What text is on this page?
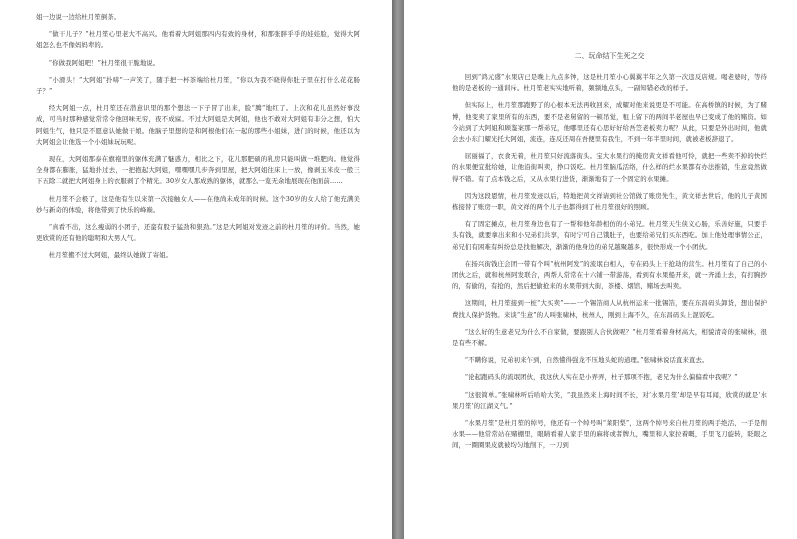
姐一边说一边给杜月笙倒茶。

“做干儿子？”杜月笙心里老大不高兴。他看着大阿姐那四内有致的身材，和那张胖乎乎的娃娃脸，觉得大阿姐怎么也不像妈妈辈的。

“你做我阿姐吧！”杜月笙很干脆地说。

“小滑头！”大阿姐“扑哧”一声笑了，随手把一杯茶端给杜月笙，“你以为我不晓得你肚子里在打什么花花肠子？”

经大阿姐一点，杜月笙还在潜意识里的那个想法一下子冒了出来，脸“腾”地红了。上次和花儿虽然好事没成，可当时那种感觉常常令他回味无穷，夜不成寐。不过大阿姐是大阿姐，他也不敢对大阿姐有非分之想，怕大阿姐生气，他只是不愿意认她做干娘。他脑子里想的是和阿根他们在一起的那些小姐妹，进门的时候，他还以为大阿姐会让他选一个小姐妹玩玩呢。

现在，大阿姐那泰在旗袍里的躯体充满了魅惑力，相比之下，花儿那肥硕的乳房只能叫做一堆肥肉。他觉得全身都在膨胀，猛地扑过去，一把抱起大阿姐，嘿嘿嘿几步奔到里屋，把大阿姐往床上一放，像剥玉米皮一般三下五除二就把大阿姐身上的衣服剥了个精光。30岁女人那成熟的躯体，就那么一览无余地展现在他面前……

杜月笙不会极了，这是他有生以来第一次接触女人——在他尚未成年的时候。这个30岁的女人给了他充满美妙与新奇的体验，将他带到了快乐的峰巅。

“真看不出，这么瘦弱的小团子，还蛮有股子猛劲和狠劲。”这是大阿姐对发迹之前的杜月笙的评价。当然，她更欣赏的还有他的聪明和大男人气。

杜月笙搬不过大阿姐，最终认她做了寄姐。

二、玩命结下生死之交

回到“鸿元盛”水果店已是晚上九点多钟，这是杜月笙小心翼翼半年之久第一次违反店规。喝老婆时，等待他的是老板的一通训斥。杜月笙老实实地听着，频频地点头，一副知错必改的样子。

但实际上，杜月笙那跑野了的心根本无法再收回来，成耀对他来说更是不可能。在高桥镇的时候，为了赌博，他变卖了家里所有的东西，要不是老舅留的一顿吊觉，租上留下的两间半老屋也早已变成了他的赌资。如今站到了大阿姐和顾鉴案那一帮弟兄，他哪里还有心思好好给吾笠老板卖力呢？从此，只要是外出时间，他就会去小东门耀光托大阿姐，流连，连反还周在吾便里有我生，不到一年半里时间，就被老板辞退了。

屈丽福了，衣食无着，杜月笙只好流落街头。宝大水果行的掩房黄文祥看他可怜，就把一些卖不掉的快烂的水果便宜批给她，让他沿街叫卖，挣口饭吃。杜月笙脑瓜活络，什么样的烂水果都有办法推销，生意竟然做得不错。有了点本钱之后，又从水果行进货，渐渐地有了一个固定的水果摊。

因为这段恩情，杜月笙发迹以后，特地把黄文祥请到社公馆做了账房先生，黄文祥去世后，他的儿子黄国栋接替了账房一职，黄文祥的两个儿子也都得到了杜月笙很好的照顾。

有了固定摊点，杜月笙身边也有了一帮和他年龄相仿的小弟兄。杜月笙天生侠义心肠，乐善好施，只要手头有钱，就要拿出来和小兄弟们共享，有时宁可自己饿肚子，也要给弟兄们买东西吃。加上他处理事情公正，弟兄们有困难有纠纷总是找他解决，渐渐的他身边的弟兄越聚越多，很快形成一个小团伙。

在扬兴街钱庄会团一带有个叫“杭州阿发”的流氓白相人，专在码头上干抢劫的营生。杜月笙有了自己的小团伙之后，就和杭州阿发联合，两帮人常常在十六铺一带游荡，看到有水果船开来，就一齐涌上去，有打胸抄的，有偷的，有抢的，然后把偷抢来的水果带到大街，茶楼、烟馆、赌场去叫卖。

这期间，杜月笙接到一桩“大买卖”——一个锡箔商人从杭州运来一批锡箔，要在东昌码头卸货，想出保护费找人保护货物。来谈“生意”的人叫张啸林，杭州人，刚到上海不久，在东昌码头上混饭吃。

“这么好的生意老兄为什么不自家做，要跟别人合伙做呢？”杜月笙看着身材高大，相貌清奇的张啸林，很是有些不解。

“不瞒你说，兄弟初来乍到，自然懂得强龙不压地头蛇的道理。”张啸林说话直来直去。

“论起跑码头的流氓团伙，我这伙人实在是小弄弄，杜子那项不抱，老兄为什么偏偏看中我呢？”

“这很简单。”张啸林听后哈哈大笑，“我虽然来上海时间不长，对‘水果月笙’却是早有耳闻，欣赏的就是‘水果月笙’的江湖义气。”

“水果月笙”是杜月笙的绰号，他还有一个绰号叫“莱阳梨”，这两个绰号来自杜月笙的两手绝活，一手是削水果——他常常站在赌棚里，眼睛看着人家手里的麻将或者牌九，嘴里和人家拉着嘅，手里飞刀旋转，眨眼之间，一圈圈果皮就被均匀地削下，一刀到
